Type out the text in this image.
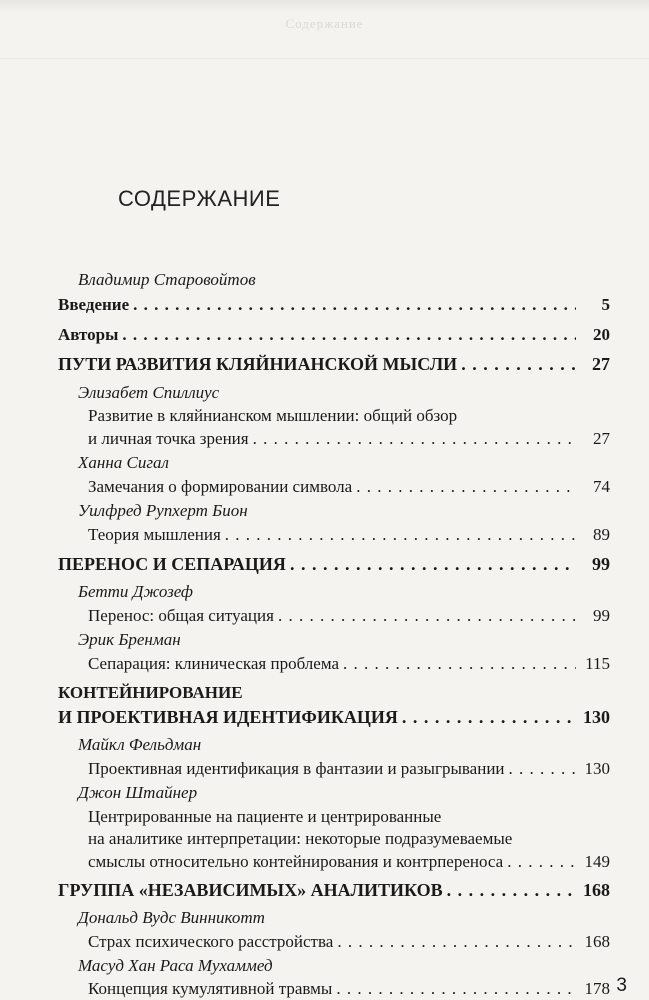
Содержание
СОДЕРЖАНИЕ
Владимир Старовойтов
Введение . . .	5
Авторы . . .	20
ПУТИ РАЗВИТИЯ КЛЯЙНИАНСКОЙ МЫСЛИ . . .	27
Элизабет Спиллиус
Развитие в кляйнианском мышлении: общий обзор
и личная точка зрения . . .	27
Ханна Сигал
Замечания о формировании символа . . .	74
Уилфред Рупхерт Бион
Теория мышления . . .	89
ПЕРЕНОС И СЕПАРАЦИЯ . . .	99
Бетти Джозеф
Перенос: общая ситуация . . .	99
Эрик Бренман
Сепарация: клиническая проблема . . .	115
КОНТЕЙНИРОВАНИЕ
И ПРОЕКТИВНАЯ ИДЕНТИФИКАЦИЯ . . .	130
Майкл Фельдман
Проективная идентификация в фантазии и разыгрывании . . .	130
Джон Штайнер
Центрированные на пациенте и центрированные
на аналитике интерпретации: некоторые подразумеваемые
смыслы относительно контейнирования и контрпереноса . . .	149
ГРУППА «НЕЗАВИСИМЫХ» АНАЛИТИКОВ . . .	168
Дональд Вудс Винникотт
Страх психического расстройства . . .	168
Масуд Хан Раса Мухаммед
Концепция кумулятивной травмы . . .	178 3
